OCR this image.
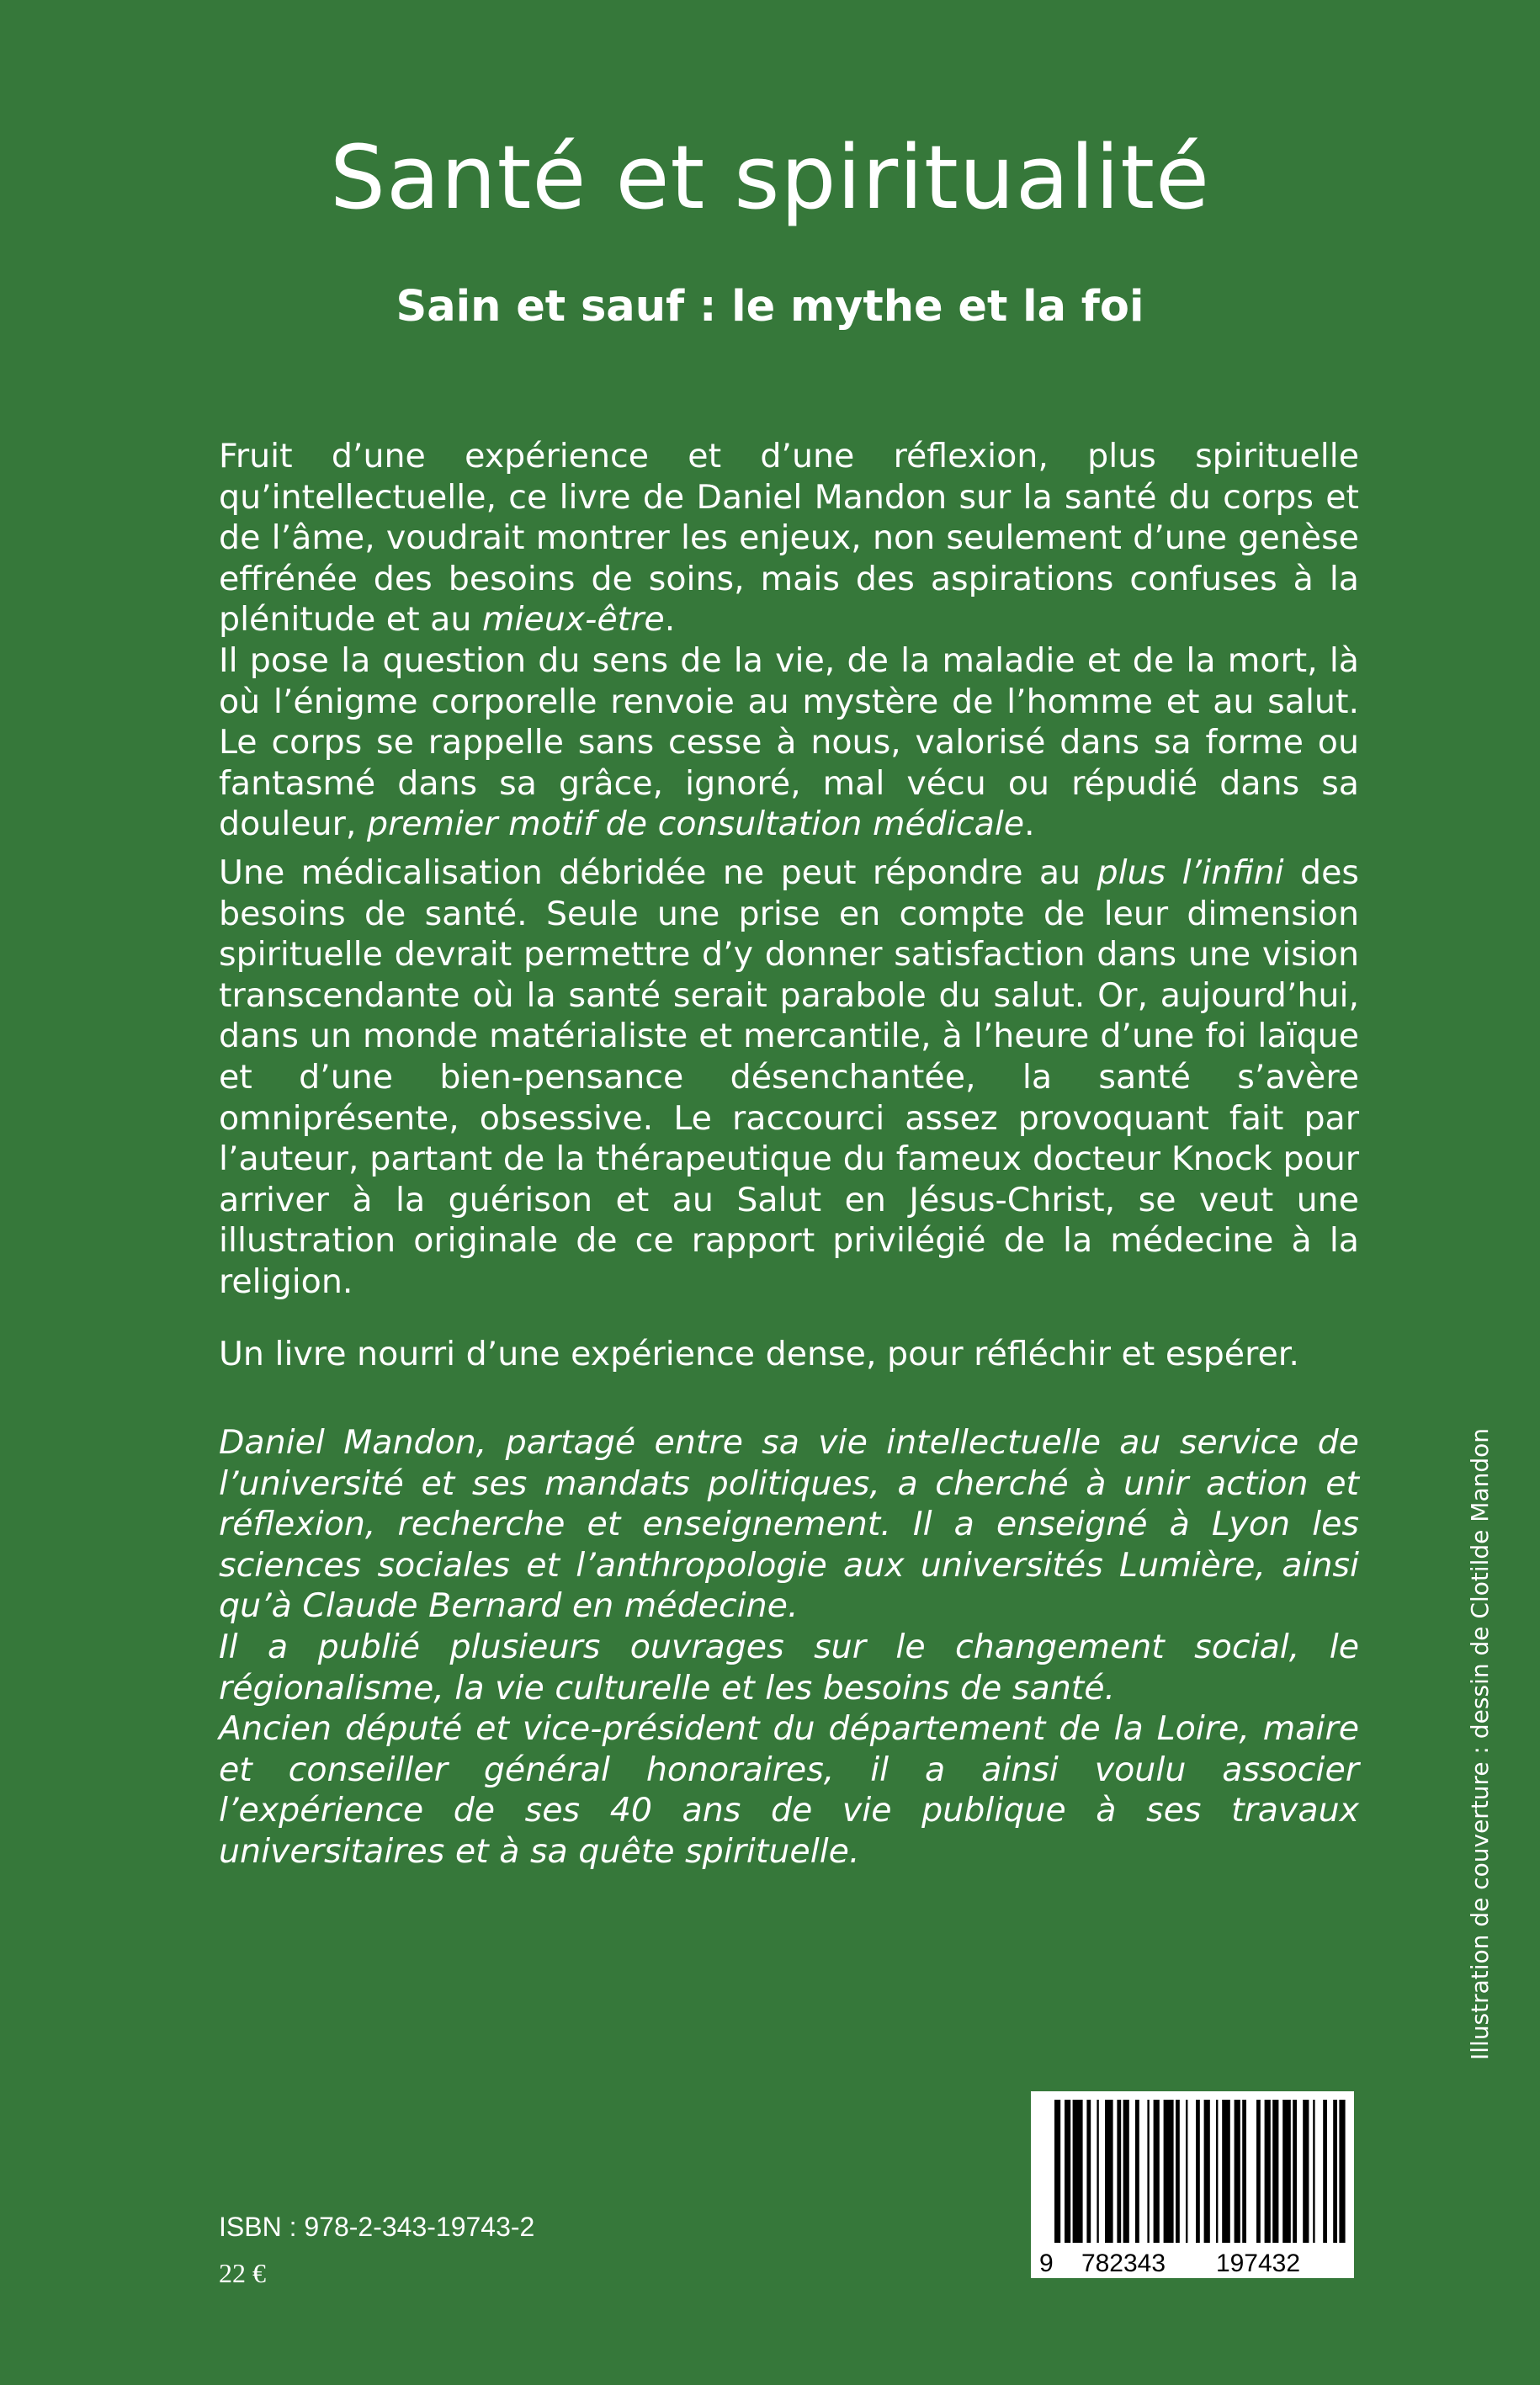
Santé et spiritualité
Sain et sauf : le mythe et la foi

Fruit d’une expérience et d’une réflexion, plus spirituelle qu’intellectuelle, ce livre de Daniel Mandon sur la santé du corps et de l’âme, voudrait montrer les enjeux, non seulement d’une genèse effrénée des besoins de soins, mais des aspirations confuses à la plénitude et au mieux-être.
Il pose la question du sens de la vie, de la maladie et de la mort, là où l’énigme corporelle renvoie au mystère de l’homme et au salut. Le corps se rappelle sans cesse à nous, valorisé dans sa forme ou fantasmé dans sa grâce, ignoré, mal vécu ou répudié dans sa douleur, premier motif de consultation médicale.

Une médicalisation débridée ne peut répondre au plus l’infini des besoins de santé. Seule une prise en compte de leur dimension spirituelle devrait permettre d’y donner satisfaction dans une vision transcendante où la santé serait parabole du salut. Or, aujourd’hui, dans un monde matérialiste et mercantile, à l’heure d’une foi laïque et d’une bien-pensance désenchantée, la santé s’avère omniprésente, obsessive. Le raccourci assez provoquant fait par l’auteur, partant de la thérapeutique du fameux docteur Knock pour arriver à la guérison et au Salut en Jésus-Christ, se veut une illustration originale de ce rapport privilégié de la médecine à la religion.

Un livre nourri d’une expérience dense, pour réfléchir et espérer.

Daniel Mandon, partagé entre sa vie intellectuelle au service de l’université et ses mandats politiques, a cherché à unir action et réflexion, recherche et enseignement. Il a enseigné à Lyon les sciences sociales et l’anthropologie aux universités Lumière, ainsi qu’à Claude Bernard en médecine.
Il a publié plusieurs ouvrages sur le changement social, le régionalisme, la vie culturelle et les besoins de santé.
Ancien député et vice-président du département de la Loire, maire et conseiller général honoraires, il a ainsi voulu associer l’expérience de ses 40 ans de vie publique à ses travaux universitaires et à sa quête spirituelle.	Illustration de couverture : dessin de Clotilde Mandon
9 782343 197432
ISBN : 978-2-343-19743-2
22 €
